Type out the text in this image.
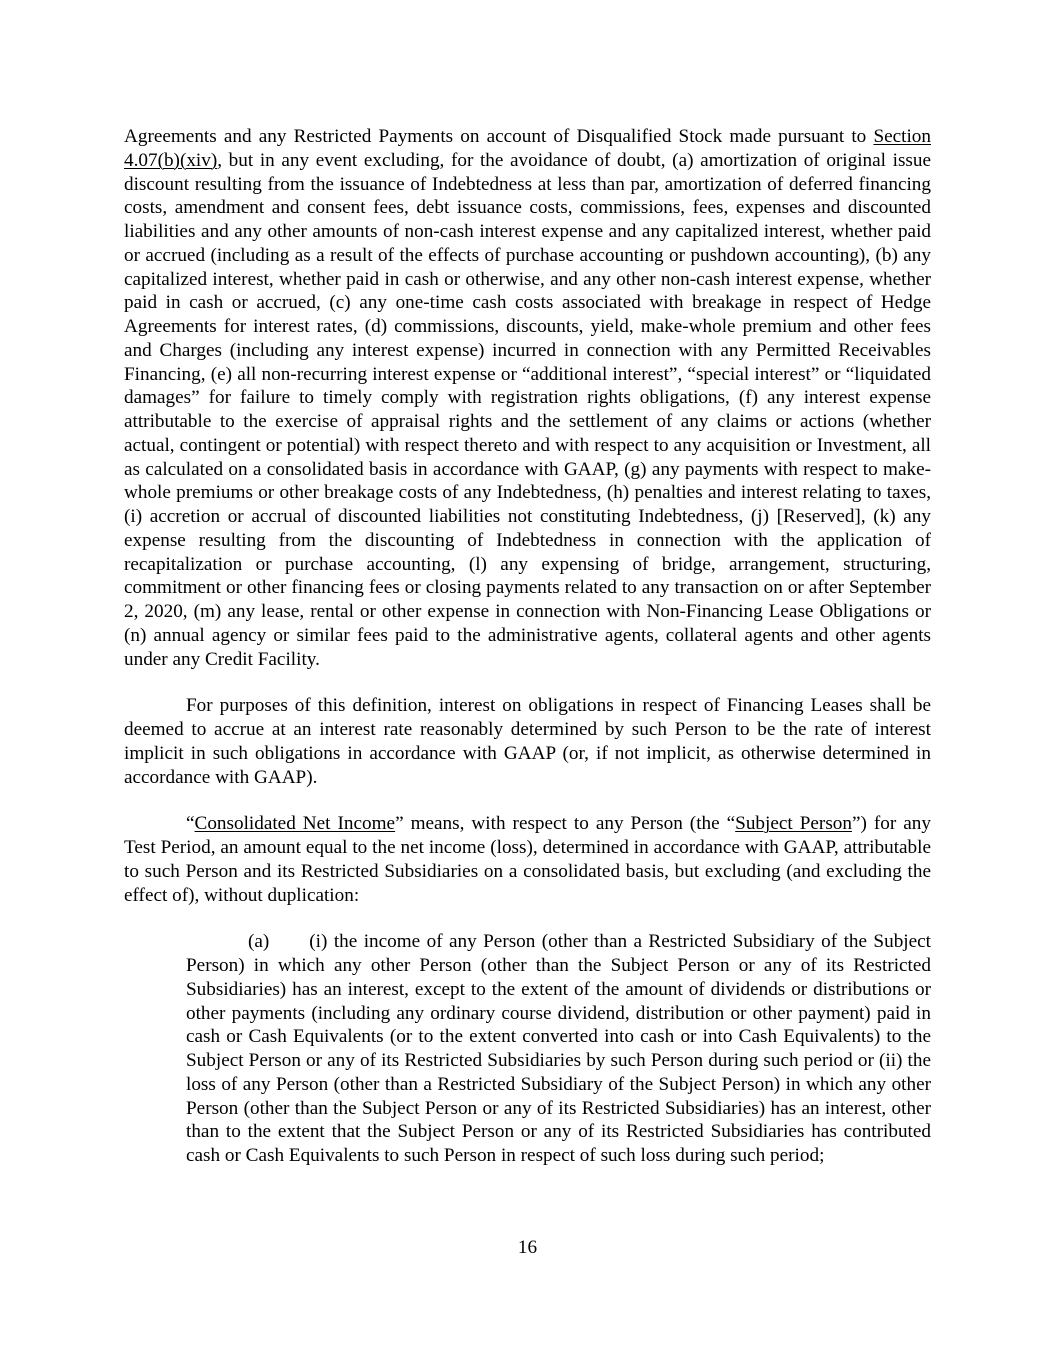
Agreements and any Restricted Payments on account of Disqualified Stock made pursuant to Section 4.07(b)(xiv), but in any event excluding, for the avoidance of doubt, (a) amortization of original issue discount resulting from the issuance of Indebtedness at less than par, amortization of deferred financing costs, amendment and consent fees, debt issuance costs, commissions, fees, expenses and discounted liabilities and any other amounts of non-cash interest expense and any capitalized interest, whether paid or accrued (including as a result of the effects of purchase accounting or pushdown accounting), (b) any capitalized interest, whether paid in cash or otherwise, and any other non-cash interest expense, whether paid in cash or accrued, (c) any one-time cash costs associated with breakage in respect of Hedge Agreements for interest rates, (d) commissions, discounts, yield, make-whole premium and other fees and Charges (including any interest expense) incurred in connection with any Permitted Receivables Financing, (e) all non-recurring interest expense or “additional interest”, “special interest” or “liquidated damages” for failure to timely comply with registration rights obligations, (f) any interest expense attributable to the exercise of appraisal rights and the settlement of any claims or actions (whether actual, contingent or potential) with respect thereto and with respect to any acquisition or Investment, all as calculated on a consolidated basis in accordance with GAAP, (g) any payments with respect to make-whole premiums or other breakage costs of any Indebtedness, (h) penalties and interest relating to taxes, (i) accretion or accrual of discounted liabilities not constituting Indebtedness, (j) [Reserved], (k) any expense resulting from the discounting of Indebtedness in connection with the application of recapitalization or purchase accounting, (l) any expensing of bridge, arrangement, structuring, commitment or other financing fees or closing payments related to any transaction on or after September 2, 2020, (m) any lease, rental or other expense in connection with Non-Financing Lease Obligations or (n) annual agency or similar fees paid to the administrative agents, collateral agents and other agents under any Credit Facility.

For purposes of this definition, interest on obligations in respect of Financing Leases shall be deemed to accrue at an interest rate reasonably determined by such Person to be the rate of interest implicit in such obligations in accordance with GAAP (or, if not implicit, as otherwise determined in accordance with GAAP).

“Consolidated Net Income” means, with respect to any Person (the “Subject Person”) for any Test Period, an amount equal to the net income (loss), determined in accordance with GAAP, attributable to such Person and its Restricted Subsidiaries on a consolidated basis, but excluding (and excluding the effect of), without duplication:

(a) (i) the income of any Person (other than a Restricted Subsidiary of the Subject Person) in which any other Person (other than the Subject Person or any of its Restricted Subsidiaries) has an interest, except to the extent of the amount of dividends or distributions or other payments (including any ordinary course dividend, distribution or other payment) paid in cash or Cash Equivalents (or to the extent converted into cash or into Cash Equivalents) to the Subject Person or any of its Restricted Subsidiaries by such Person during such period or (ii) the loss of any Person (other than a Restricted Subsidiary of the Subject Person) in which any other Person (other than the Subject Person or any of its Restricted Subsidiaries) has an interest, other than to the extent that the Subject Person or any of its Restricted Subsidiaries has contributed cash or Cash Equivalents to such Person in respect of such loss during such period;

16
